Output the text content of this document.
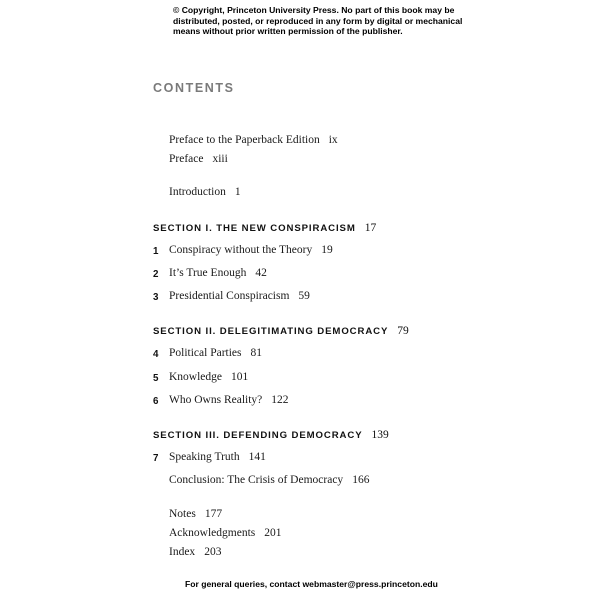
© Copyright, Princeton University Press. No part of this book may be
distributed, posted, or reproduced in any form by digital or mechanical
means without prior written permission of the publisher.
CONTENTS
Preface to the Paperback Edition ix
Preface xiii
Introduction 1
SECTION I. THE NEW CONSPIRACISM 17
1 Conspiracy without the Theory 19
2 It’s True Enough 42
3 Presidential Conspiracism 59
SECTION II. DELEGITIMATING DEMOCRACY 79
4 Political Parties 81
5 Knowledge 101
6 Who Owns Reality? 122
SECTION III. DEFENDING DEMOCRACY 139
7 Speaking Truth 141
Conclusion: The Crisis of Democracy 166
Notes 177
Acknowledgments 201
Index 203
For general queries, contact webmaster@press.princeton.edu
